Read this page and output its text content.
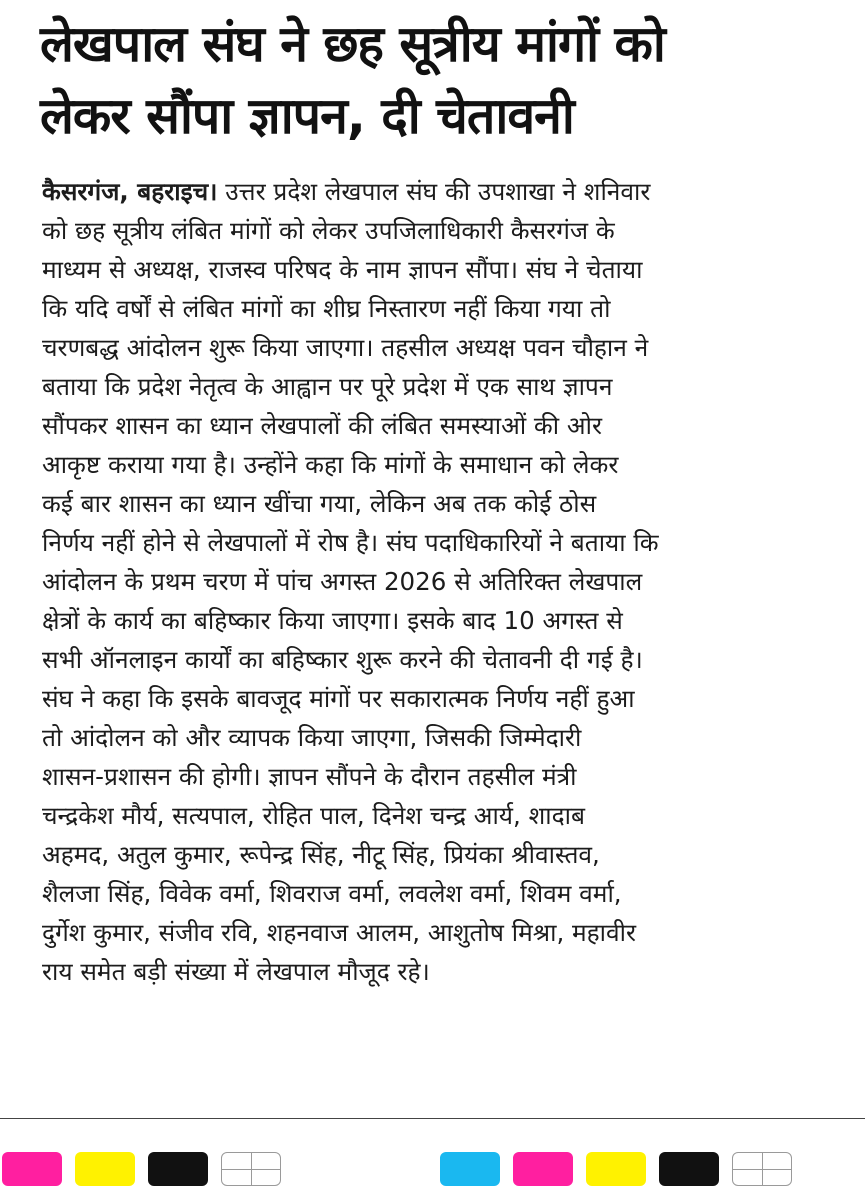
लेखपाल संघ ने छह सूत्रीय मांगों को
लेकर सौंपा ज्ञापन, दी चेतावनी
कैसरगंज, बहराइच। उत्तर प्रदेश लेखपाल संघ की उपशाखा ने शनिवार
को छह सूत्रीय लंबित मांगों को लेकर उपजिलाधिकारी कैसरगंज के
माध्यम से अध्यक्ष, राजस्व परिषद के नाम ज्ञापन सौंपा। संघ ने चेताया
कि यदि वर्षों से लंबित मांगों का शीघ्र निस्तारण नहीं किया गया तो
चरणबद्ध आंदोलन शुरू किया जाएगा। तहसील अध्यक्ष पवन चौहान ने
बताया कि प्रदेश नेतृत्व के आह्वान पर पूरे प्रदेश में एक साथ ज्ञापन
सौंपकर शासन का ध्यान लेखपालों की लंबित समस्याओं की ओर
आकृष्ट कराया गया है। उन्होंने कहा कि मांगों के समाधान को लेकर
कई बार शासन का ध्यान खींचा गया, लेकिन अब तक कोई ठोस
निर्णय नहीं होने से लेखपालों में रोष है। संघ पदाधिकारियों ने बताया कि
आंदोलन के प्रथम चरण में पांच अगस्त 2026 से अतिरिक्त लेखपाल
क्षेत्रों के कार्य का बहिष्कार किया जाएगा। इसके बाद 10 अगस्त से
सभी ऑनलाइन कार्यों का बहिष्कार शुरू करने की चेतावनी दी गई है।
संघ ने कहा कि इसके बावजूद मांगों पर सकारात्मक निर्णय नहीं हुआ
तो आंदोलन को और व्यापक किया जाएगा, जिसकी जिम्मेदारी
शासन-प्रशासन की होगी। ज्ञापन सौंपने के दौरान तहसील मंत्री
चन्द्रकेश मौर्य, सत्यपाल, रोहित पाल, दिनेश चन्द्र आर्य, शादाब
अहमद, अतुल कुमार, रूपेन्द्र सिंह, नीटू सिंह, प्रियंका श्रीवास्तव,
शैलजा सिंह, विवेक वर्मा, शिवराज वर्मा, लवलेश वर्मा, शिवम वर्मा,
दुर्गेश कुमार, संजीव रवि, शहनवाज आलम, आशुतोष मिश्रा, महावीर
राय समेत बड़ी संख्या में लेखपाल मौजूद रहे।
